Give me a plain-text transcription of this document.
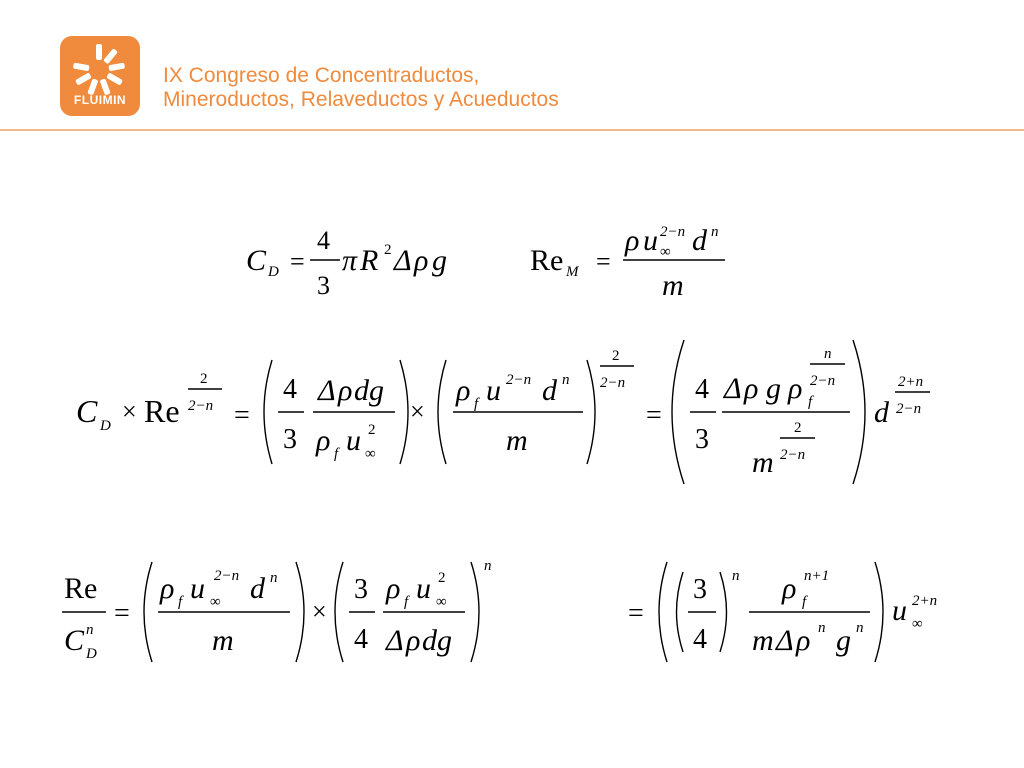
FLUIMIN
IX Congreso de Concentraductos,
Mineroductos, Relaveductos y Acueductos
C D =
4
3
π R 2 Δ ρ g	Re M =
ρ u ∞
2−n d n
m
C D × Re
2
2−n =
4
3
Δ ρ dg
ρ f u ∞
2
×
ρ f u 2−n d n
m
2
2−n
=
4
3
Δ ρ g ρ f
n
2−n
m
2
2−n
d
2+n
2−n
Re
C n
D
=
ρ f u ∞
2−n d n
m
×
3
4
ρ f u ∞
2
Δ ρ dg
n
=
3
4
n ρ f
n+1
m Δ ρ n g n
u ∞
2+n
